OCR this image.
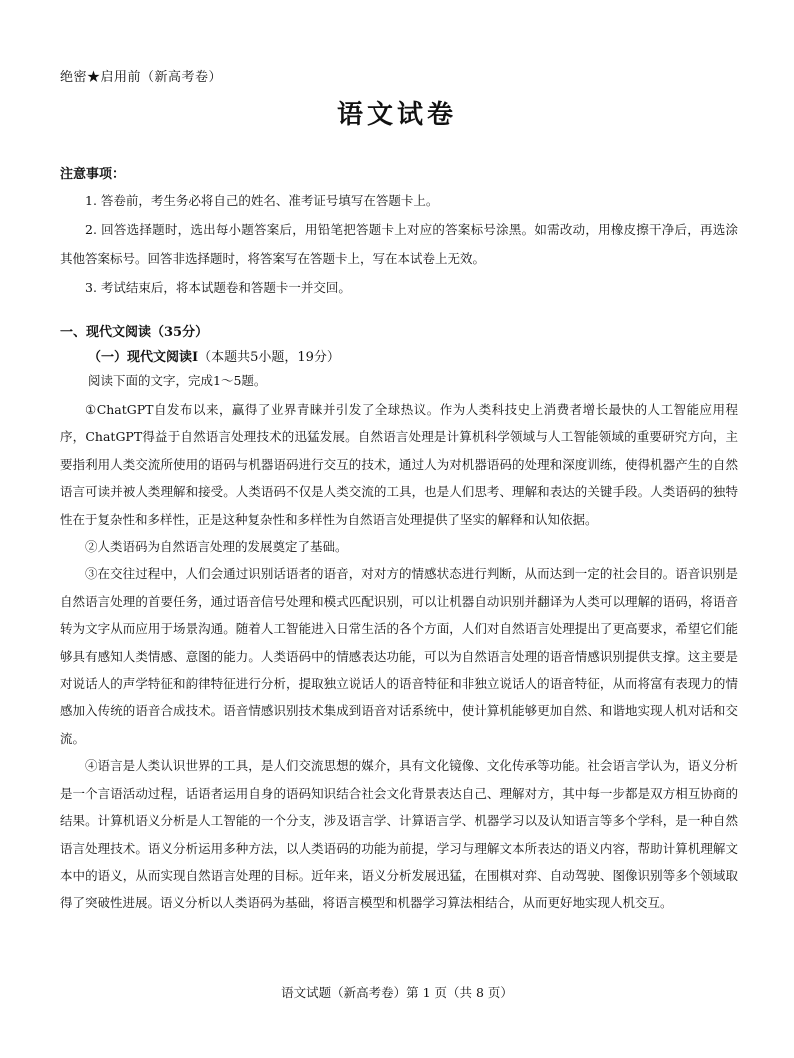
绝密★启用前（新高考卷）
语文试卷
注意事项：

1. 答卷前，考生务必将自己的姓名、准考证号填写在答题卡上。

2. 回答选择题时，选出每小题答案后，用铅笔把答题卡上对应的答案标号涂黑。如需改动，用橡皮擦干净后，再选涂其他答案标号。回答非选择题时，将答案写在答题卡上，写在本试卷上无效。

3. 考试结束后，将本试题卷和答题卡一并交回。

一、现代文阅读（35分）
（一）现代文阅读Ⅰ（本题共5小题，19分）
阅读下面的文字，完成1～5题。

①ChatGPT自发布以来，赢得了业界青睐并引发了全球热议。作为人类科技史上消费者增长最快的人工智能应用程序，ChatGPT得益于自然语言处理技术的迅猛发展。自然语言处理是计算机科学领域与人工智能领域的重要研究方向，主要指利用人类交流所使用的语码与机器语码进行交互的技术，通过人为对机器语码的处理和深度训练，使得机器产生的自然语言可读并被人类理解和接受。人类语码不仅是人类交流的工具，也是人们思考、理解和表达的关键手段。人类语码的独特性在于复杂性和多样性，正是这种复杂性和多样性为自然语言处理提供了坚实的解释和认知依据。

②人类语码为自然语言处理的发展奠定了基础。

③在交往过程中，人们会通过识别话语者的语音，对对方的情感状态进行判断，从而达到一定的社会目的。语音识别是自然语言处理的首要任务，通过语音信号处理和模式匹配识别，可以让机器自动识别并翻译为人类可以理解的语码，将语音转为文字从而应用于场景沟通。随着人工智能进入日常生活的各个方面，人们对自然语言处理提出了更高要求，希望它们能够具有感知人类情感、意图的能力。人类语码中的情感表达功能，可以为自然语言处理的语音情感识别提供支撑。这主要是对说话人的声学特征和韵律特征进行分析，提取独立说话人的语音特征和非独立说话人的语音特征，从而将富有表现力的情感加入传统的语音合成技术。语音情感识别技术集成到语音对话系统中，使计算机能够更加自然、和谐地实现人机对话和交流。

④语言是人类认识世界的工具，是人们交流思想的媒介，具有文化镜像、文化传承等功能。社会语言学认为，语义分析是一个言语活动过程，话语者运用自身的语码知识结合社会文化背景表达自己、理解对方，其中每一步都是双方相互协商的结果。计算机语义分析是人工智能的一个分支，涉及语言学、计算语言学、机器学习以及认知语言等多个学科，是一种自然语言处理技术。语义分析运用多种方法，以人类语码的功能为前提，学习与理解文本所表达的语义内容，帮助计算机理解文本中的语义，从而实现自然语言处理的目标。近年来，语义分析发展迅猛，在围棋对弈、自动驾驶、图像识别等多个领域取得了突破性进展。语义分析以人类语码为基础，将语言模型和机器学习算法相结合，从而更好地实现人机交互。

语文试题（新高考卷）第 1 页（共 8 页）
